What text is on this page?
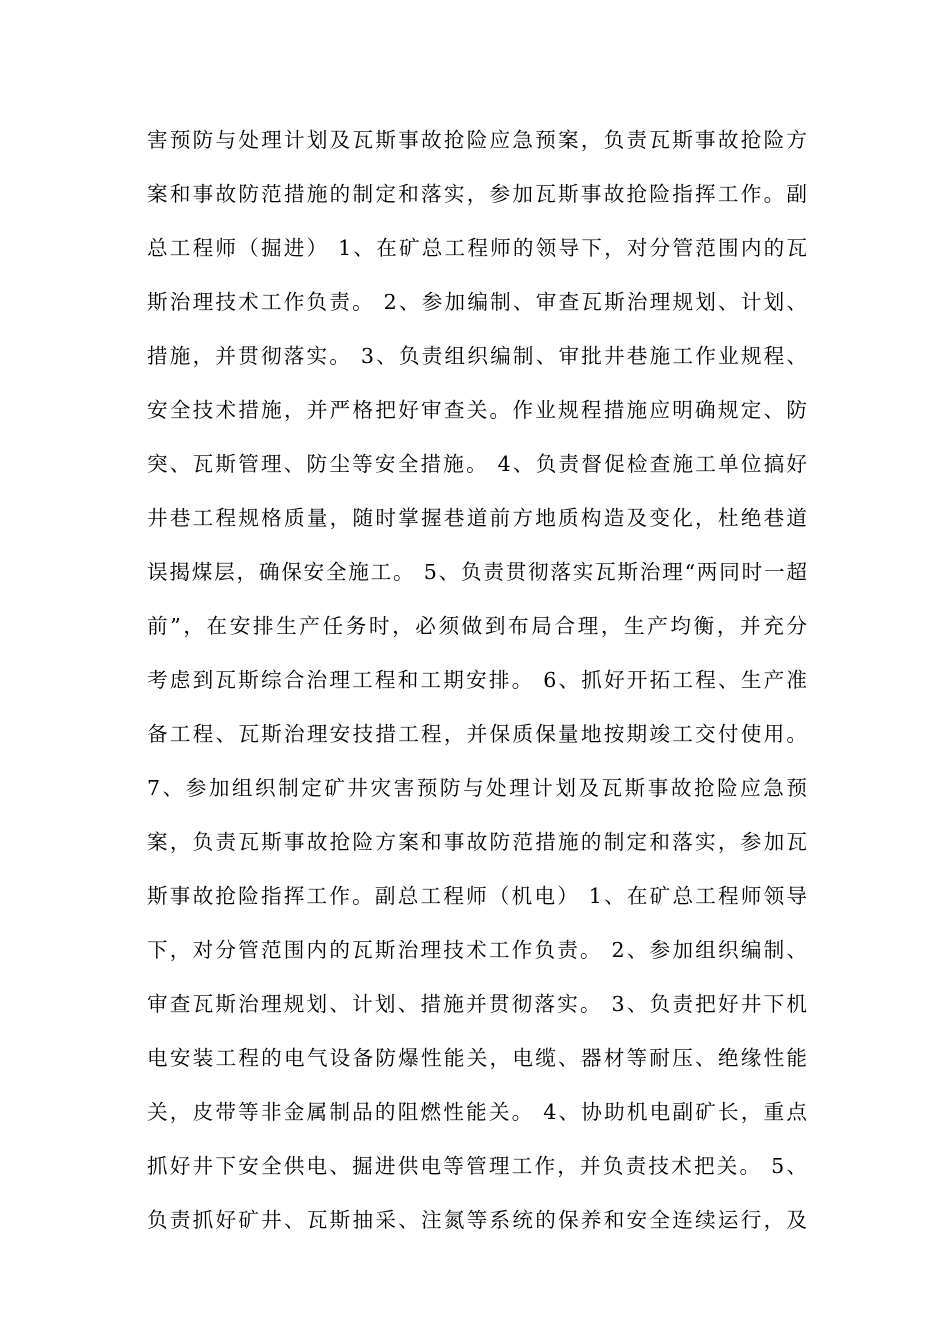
害预防与处理计划及瓦斯事故抢险应急预案，负责瓦斯事故抢险方
案和事故防范措施的制定和落实，参加瓦斯事故抢险指挥工作。副
总工程师（掘进） 1、在矿总工程师的领导下，对分管范围内的瓦
斯治理技术工作负责。 2、参加编制、审查瓦斯治理规划、计划、
措施，并贯彻落实。 3、负责组织编制、审批井巷施工作业规程、
安全技术措施，并严格把好审查关。作业规程措施应明确规定、防
突、瓦斯管理、防尘等安全措施。 4、负责督促检查施工单位搞好
井巷工程规格质量，随时掌握巷道前方地质构造及变化，杜绝巷道
误揭煤层，确保安全施工。 5、负责贯彻落实瓦斯治理“两同时一超
前”，在安排生产任务时，必须做到布局合理，生产均衡，并充分
考虑到瓦斯综合治理工程和工期安排。 6、抓好开拓工程、生产准
备工程、瓦斯治理安技措工程，并保质保量地按期竣工交付使用。
7、参加组织制定矿井灾害预防与处理计划及瓦斯事故抢险应急预
案，负责瓦斯事故抢险方案和事故防范措施的制定和落实，参加瓦
斯事故抢险指挥工作。副总工程师（机电） 1、在矿总工程师领导
下，对分管范围内的瓦斯治理技术工作负责。 2、参加组织编制、
审查瓦斯治理规划、计划、措施并贯彻落实。 3、负责把好井下机
电安装工程的电气设备防爆性能关，电缆、器材等耐压、绝缘性能
关，皮带等非金属制品的阻燃性能关。 4、协助机电副矿长，重点
抓好井下安全供电、掘进供电等管理工作，并负责技术把关。 5、
负责抓好矿井、瓦斯抽采、注氮等系统的保养和安全连续运行，及
